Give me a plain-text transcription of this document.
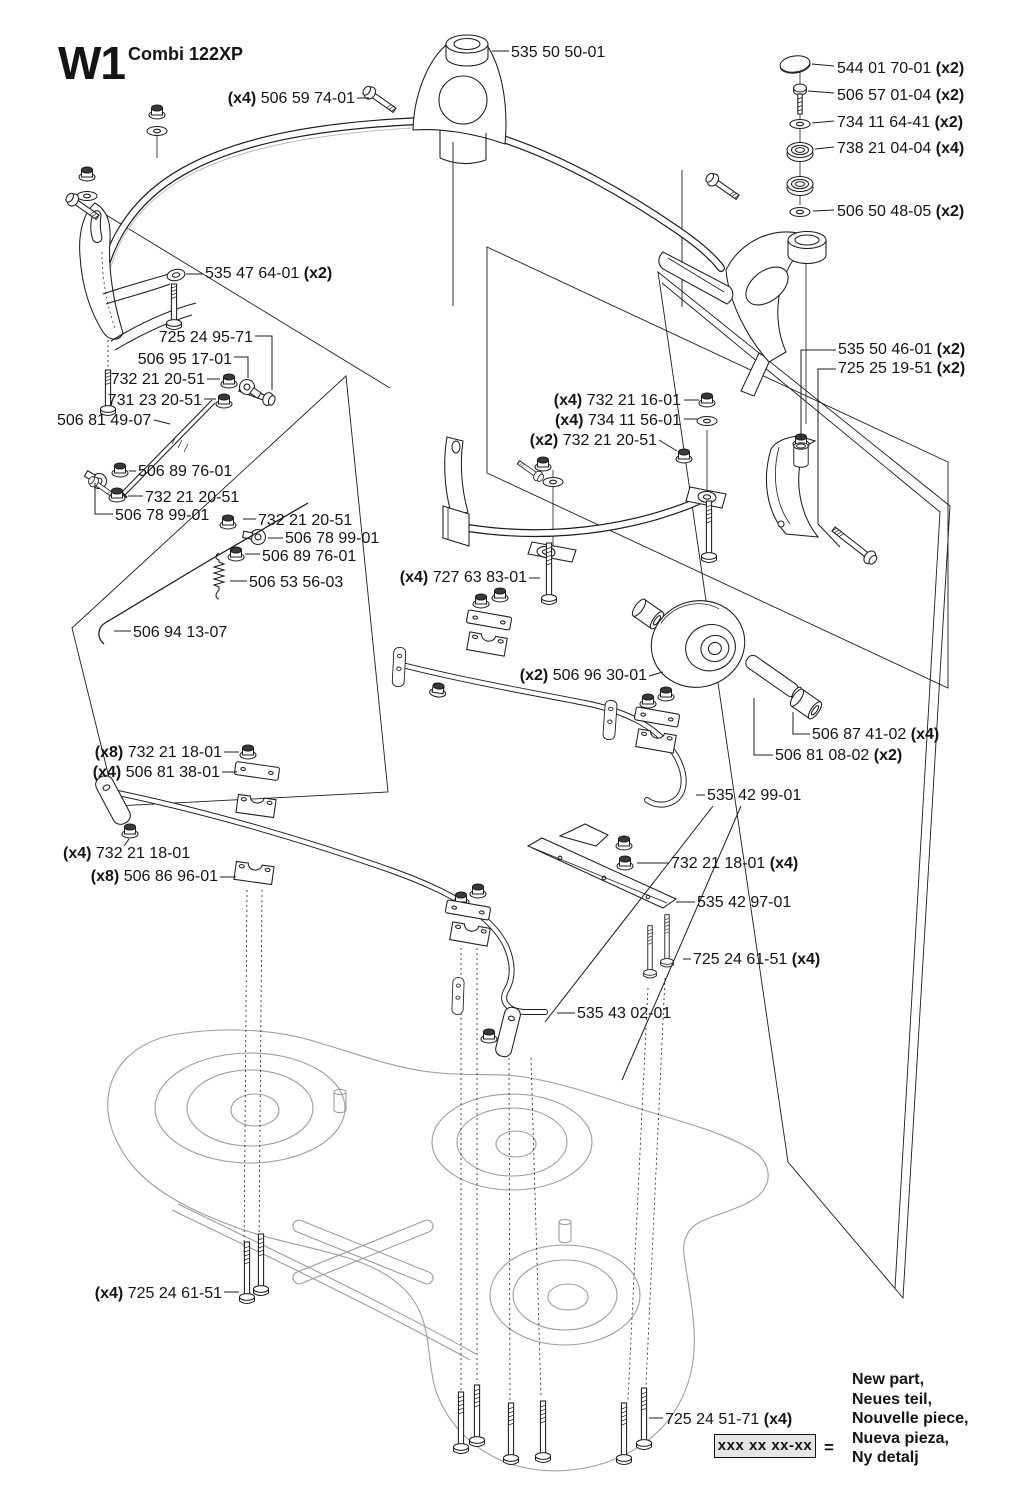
W1 Combi 122XP	535 50 50-01
(x4) 506 59 74-01
544 01 70-01 (x2)
506 57 01-04 (x2)
734 11 64-41 (x2)
738 21 04-04 (x4)
506 50 48-05 (x2)
535 47 64-01 (x2)
725 24 95-71
506 95 17-01
732 21 20-51
731 23 20-51
506 81 49-07
506 89 76-01
732 21 20-51
506 78 99-01	732 21 20-51
506 78 99-01
506 89 76-01
506 53 56-03
506 94 13-07
(x4) 732 21 16-01
(x4) 734 11 56-01
(x2) 732 21 20-51
535 50 46-01 (x2)
725 25 19-51 (x2)
(x4) 727 63 83-01
(x2) 506 96 30-01
506 87 41-02 (x4)
506 81 08-02 (x2)
535 42 99-01
(x8) 732 21 18-01
(x4) 506 81 38-01
(x4) 732 21 18-01
(x8) 506 86 96-01
732 21 18-01 (x4)
535 42 97-01
725 24 61-51 (x4)
535 43 02-01
(x4) 725 24 61-51
725 24 51-71 (x4)
xxx xx xx-xx =
New part,
Neues teil,
Nouvelle piece,
Nueva pieza,
Ny detalj
